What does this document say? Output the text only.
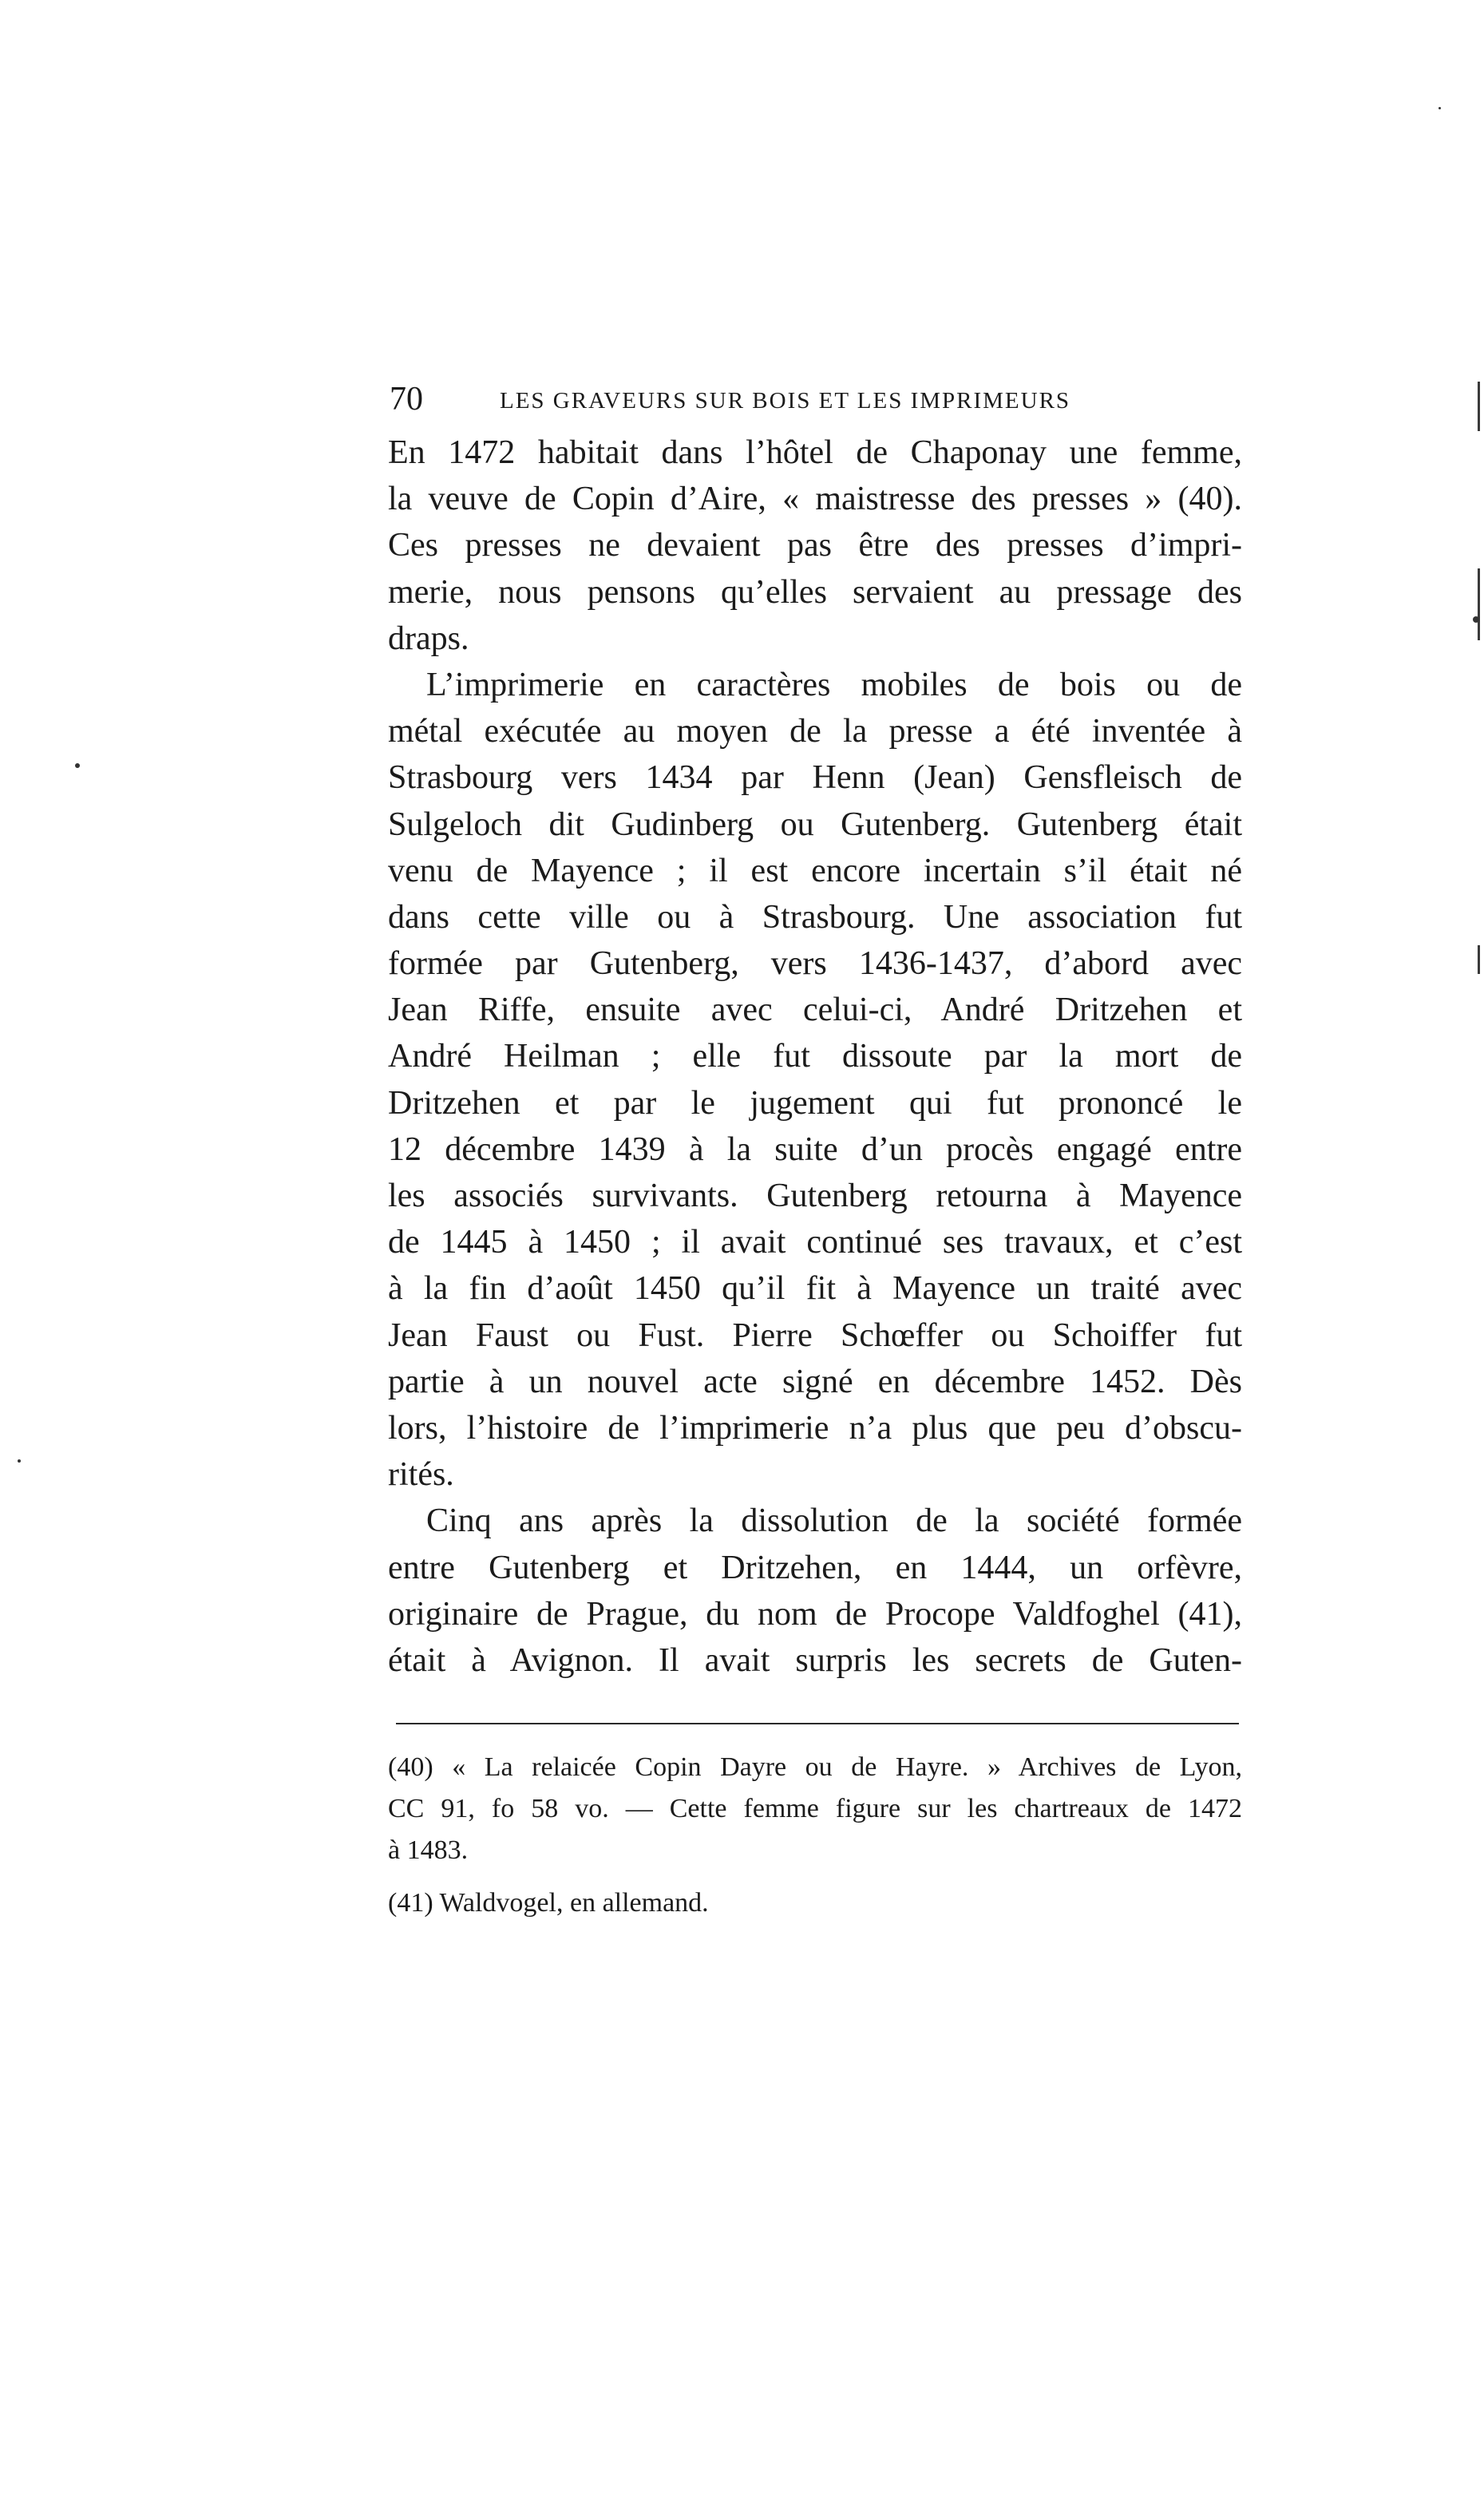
70	LES GRAVEURS SUR BOIS ET LES IMPRIMEURS
En 1472 habitait dans l’hôtel de Chaponay une femme,
la veuve de Copin d’Aire, « maistresse des presses » (40).
Ces presses ne devaient pas être des presses d’impri-
merie, nous pensons qu’elles servaient au pressage des
draps.
L’imprimerie en caractères mobiles de bois ou de
métal exécutée au moyen de la presse a été inventée à
Strasbourg vers 1434 par Henn (Jean) Gensfleisch de
Sulgeloch dit Gudinberg ou Gutenberg. Gutenberg était
venu de Mayence ; il est encore incertain s’il était né
dans cette ville ou à Strasbourg. Une association fut
formée par Gutenberg, vers 1436-1437, d’abord avec
Jean Riffe, ensuite avec celui-ci, André Dritzehen et
André Heilman ; elle fut dissoute par la mort de
Dritzehen et par le jugement qui fut prononcé le
12 décembre 1439 à la suite d’un procès engagé entre
les associés survivants. Gutenberg retourna à Mayence
de 1445 à 1450 ; il avait continué ses travaux, et c’est
à la fin d’août 1450 qu’il fit à Mayence un traité avec
Jean Faust ou Fust. Pierre Schœffer ou Schoiffer fut
partie à un nouvel acte signé en décembre 1452. Dès
lors, l’histoire de l’imprimerie n’a plus que peu d’obscu-
rités.
Cinq ans après la dissolution de la société formée
entre Gutenberg et Dritzehen, en 1444, un orfèvre,
originaire de Prague, du nom de Procope Valdfoghel (41),
était à Avignon. Il avait surpris les secrets de Guten-
(40) « La relaicée Copin Dayre ou de Hayre. » Archives de Lyon,
CC 91, fo 58 vo. — Cette femme figure sur les chartreaux de 1472
à 1483.
(41) Waldvogel, en allemand.
